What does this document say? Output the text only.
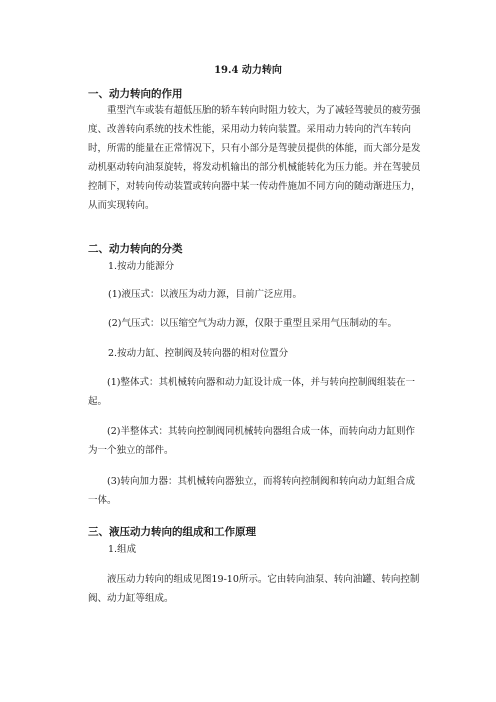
19.4 动力转向
一、动力转向的作用
重型汽车或装有超低压胎的轿车转向时阻力较大，为了减轻驾驶员的疲劳强度、改善转向系统的技术性能，采用动力转向装置。采用动力转向的汽车转向时，所需的能量在正常情况下，只有小部分是驾驶员提供的体能，而大部分是发动机驱动转向油泵旋转，将发动机输出的部分机械能转化为压力能。并在驾驶员控制下，对转向传动装置或转向器中某一传动件施加不同方向的随动渐进压力，从而实现转向。
二、动力转向的分类
1.按动力能源分
(1)液压式：以液压为动力源，目前广泛应用。
(2)气压式：以压缩空气为动力源，仅限于重型且采用气压制动的车。
2.按动力缸、控制阀及转向器的相对位置分
(1)整体式：其机械转向器和动力缸设计成一体，并与转向控制阀组装在一起。
(2)半整体式：其转向控制阀同机械转向器组合成一体，而转向动力缸则作为一个独立的部件。
(3)转向加力器：其机械转向器独立，而将转向控制阀和转向动力缸组合成一体。
三、液压动力转向的组成和工作原理
1.组成
液压动力转向的组成见图19-10所示。它由转向油泵、转向油罐、转向控制阀、动力缸等组成。
